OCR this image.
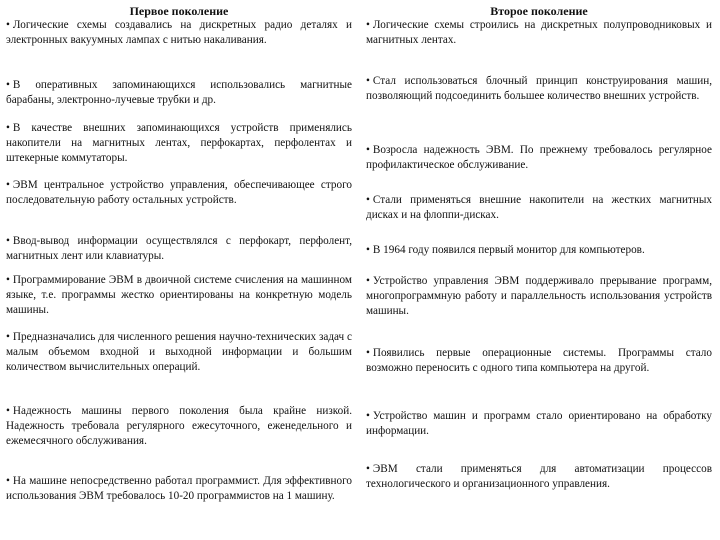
Первое поколение

• Логические схемы создавались на дискретных радио деталях и электронных вакуумных лампах с нитью накаливания.

• В оперативных запоминающихся использовались магнитные барабаны, электронно-лучевые трубки и др.

• В качестве внешних запоминающихся устройств применялись накопители на магнитных лентах, перфокартах, перфолентах и штекерные коммутаторы.

• ЭВМ центральное устройство управления, обеспечивающее строго последовательную работу остальных устройств.

• Ввод-вывод информации осуществлялся с перфокарт, перфолент, магнитных лент или клавиатуры.

• Программирование ЭВМ в двоичной системе счисления на машинном языке, т.е. программы жестко ориентированы на конкретную модель машины.

• Предназначались для численного решения научно-технических задач с малым объемом входной и выходной информации и большим количеством вычислительных операций.

• Надежность машины первого поколения была крайне низкой. Надежность требовала регулярного ежесуточного, еженедельного и ежемесячного обслуживания.

• На машине непосредственно работал программист. Для эффективного использования ЭВМ требовалось 10-20 программистов на 1 машину.

Второе поколение

• Логические схемы строились на дискретных полупроводниковых и магнитных лентах.

• Стал использоваться блочный принцип конструирования машин, позволяющий подсоединить большее количество внешних устройств.

• Возросла надежность ЭВМ. По прежнему требовалось регулярное профилактическое обслуживание.

• Стали применяться внешние накопители на жестких магнитных дисках и на флоппи-дисках.

• В 1964 году появился первый монитор для компьютеров.

• Устройство управления ЭВМ поддерживало прерывание программ, многопрограммную работу и параллельность использования устройств машины.

• Появились первые операционные системы. Программы стало возможно переносить с одного типа компьютера на другой.

• Устройство машин и программ стало ориентировано на обработку информации.

• ЭВМ стали применяться для автоматизации процессов технологического и организационного управления.
